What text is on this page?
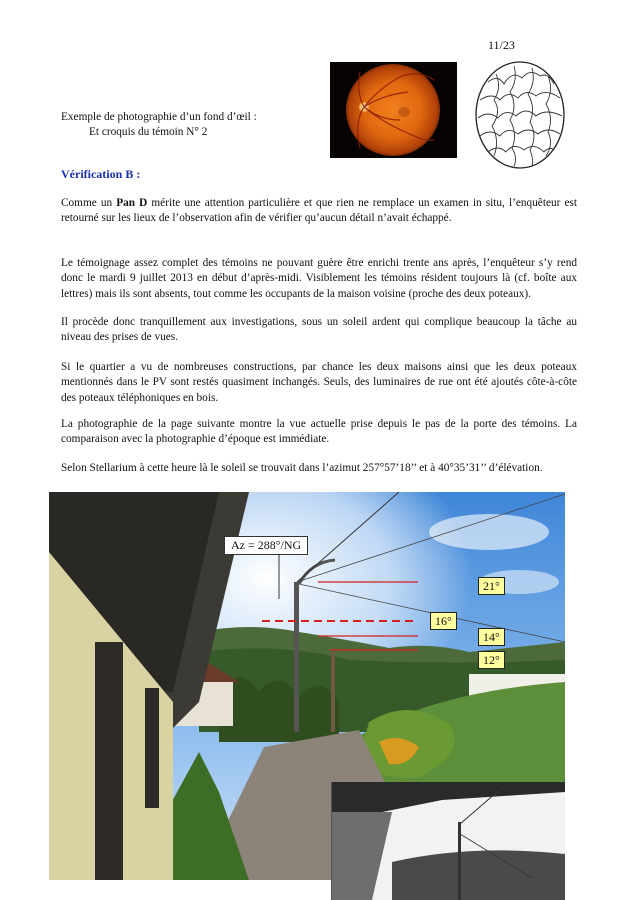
11/23
Exemple de photographie d’un fond d’œil :
Et croquis du témoin N° 2
Vérification B :

Comme un Pan D mérite une attention particulière et que rien ne remplace un examen in situ, l’enquêteur est retourné sur les lieux de l’observation afin de vérifier qu’aucun détail n’avait échappé.

Le témoignage assez complet des témoins ne pouvant guère être enrichi trente ans après, l’enquêteur s’y rend donc le mardi 9 juillet 2013 en début d’après-midi. Visiblement les témoins résident toujours là (cf. boîte aux lettres) mais ils sont absents, tout comme les occupants de la maison voisine (proche des deux poteaux).

Il procède donc tranquillement aux investigations, sous un soleil ardent qui complique beaucoup la tâche au niveau des prises de vues.

Si le quartier a vu de nombreuses constructions, par chance les deux maisons ainsi que les deux poteaux mentionnés dans le PV sont restés quasiment inchangés. Seuls, des luminaires de rue ont été ajoutés côte-à-côte des poteaux téléphoniques en bois.

La photographie de la page suivante montre la vue actuelle prise depuis le pas de la porte des témoins. La comparaison avec la photographie d’époque est immédiate.

Selon Stellarium à cette heure là le soleil se trouvait dans l’azimut 257°57’18’’ et à 40°35’31’’ d’élévation.

Az = 288°/NG
21°
16°
14°
12°
